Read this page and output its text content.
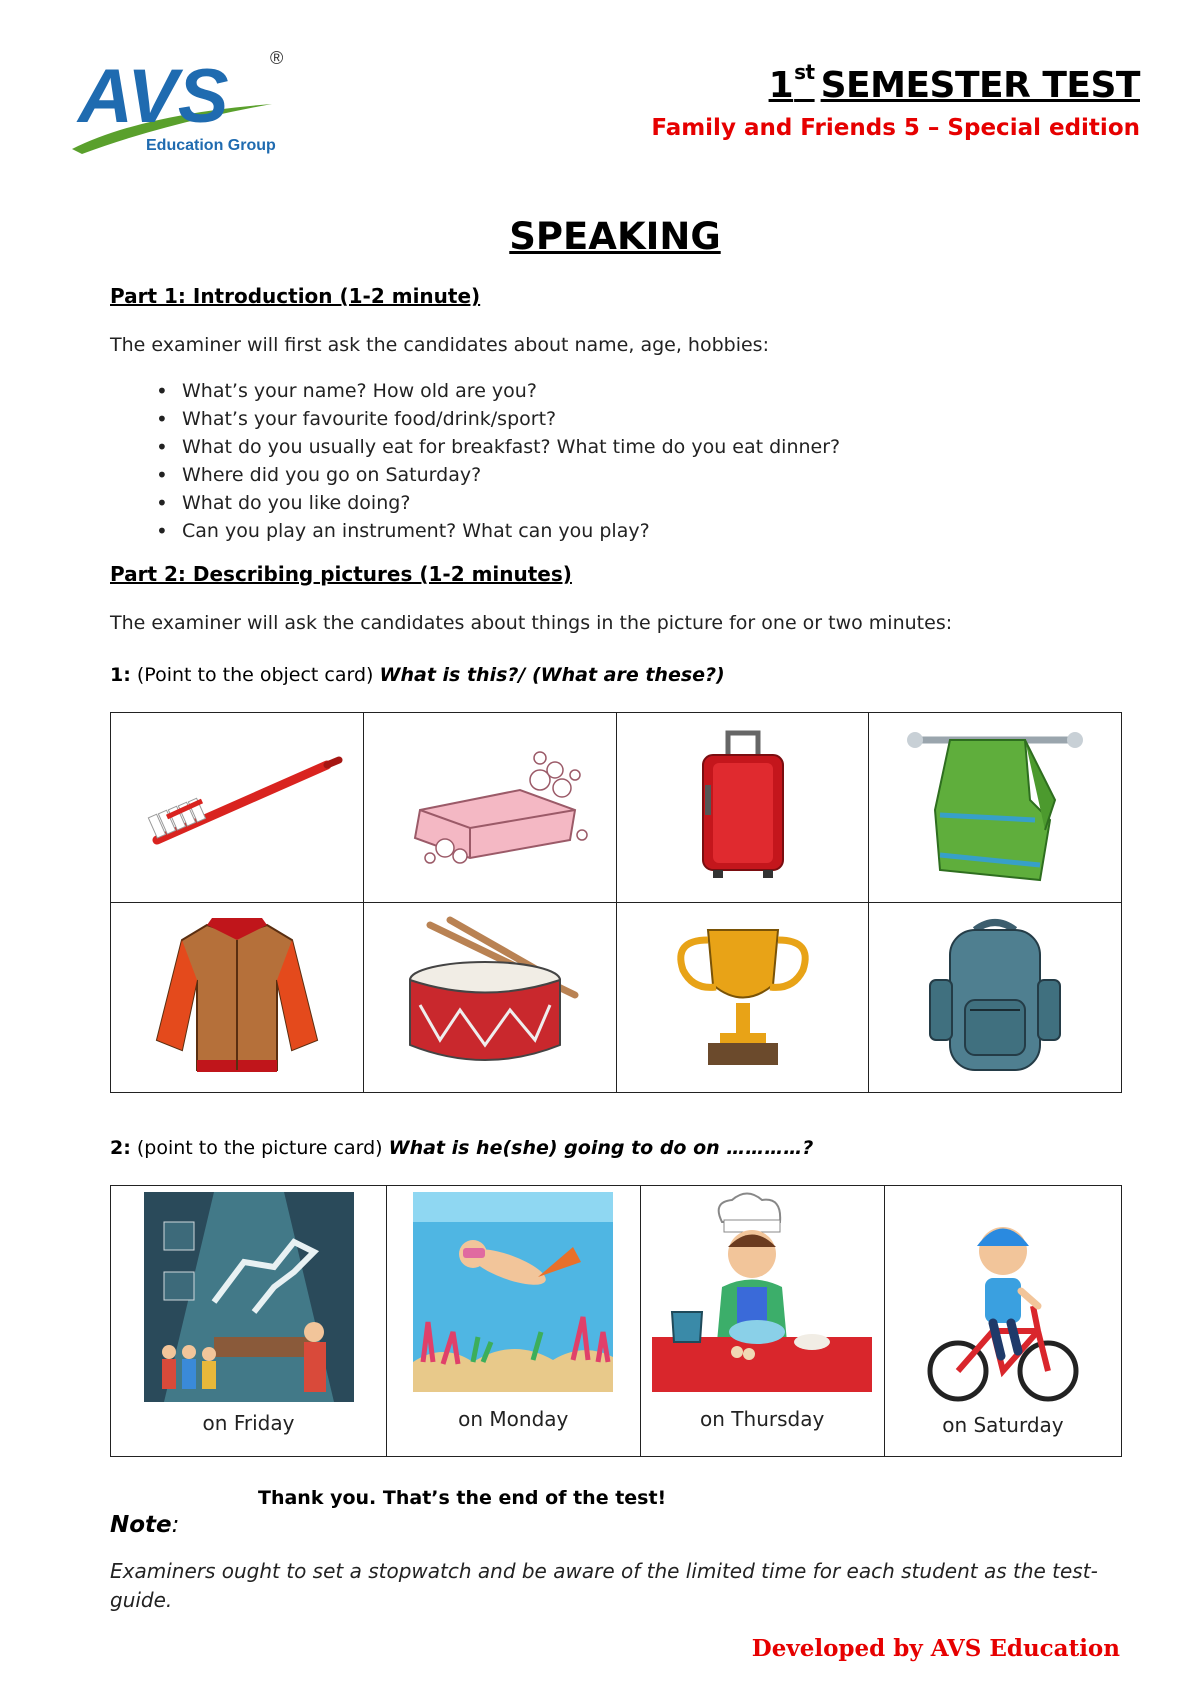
AVS ®
Education Group
1st SEMESTER TEST
Family and Friends 5 – Special edition
SPEAKING
Part 1: Introduction (1-2 minute)
The examiner will first ask the candidates about name, age, hobbies:
• What’s your name? How old are you?
• What’s your favourite food/drink/sport?
• What do you usually eat for breakfast? What time do you eat dinner?
• Where did you go on Saturday?
• What do you like doing?
• Can you play an instrument? What can you play?
Part 2: Describing pictures (1-2 minutes)
The examiner will ask the candidates about things in the picture for one or two minutes:
1: (Point to the object card) What is this?/ (What are these?)

2: (point to the picture card) What is he(she) going to do on …………?
on Friday	on Monday	on Thursday	on Saturday
Thank you. That’s the end of the test!
Note:
Examiners ought to set a stopwatch and be aware of the limited time for each student as the test-guide.
Developed by AVS Education
